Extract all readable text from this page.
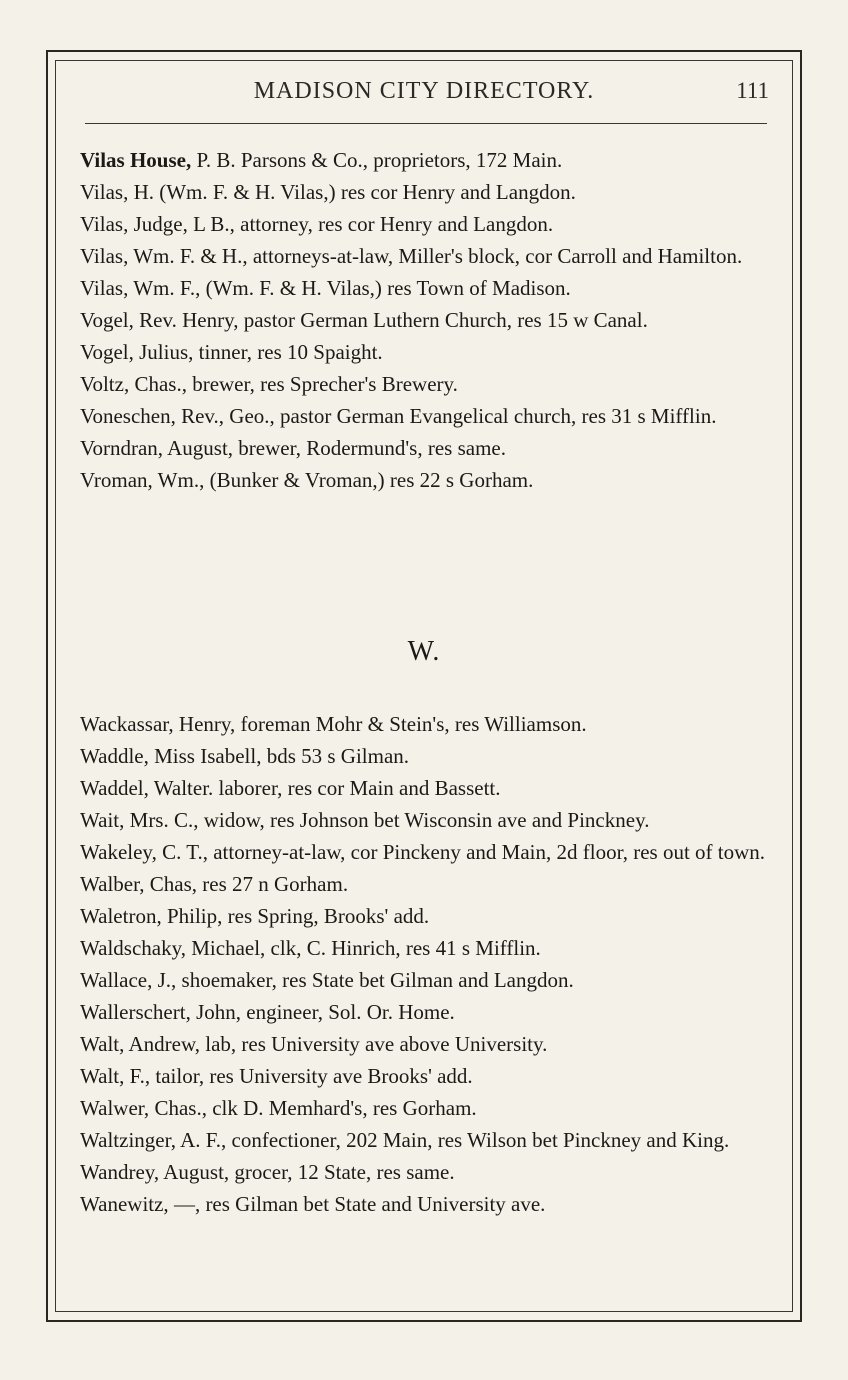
MADISON CITY DIRECTORY.	111

Vilas House, P. B. Parsons & Co., proprietors, 172 Main.

Vilas, H. (Wm. F. & H. Vilas,) res cor Henry and Langdon.

Vilas, Judge, L B., attorney, res cor Henry and Langdon.

Vilas, Wm. F. & H., attorneys-at-law, Miller's block, cor Carroll and Hamilton.

Vilas, Wm. F., (Wm. F. & H. Vilas,) res Town of Madison.

Vogel, Rev. Henry, pastor German Luthern Church, res 15 w Canal.

Vogel, Julius, tinner, res 10 Spaight.

Voltz, Chas., brewer, res Sprecher's Brewery.

Voneschen, Rev., Geo., pastor German Evangelical church, res 31 s Mifflin.

Vorndran, August, brewer, Rodermund's, res same.

Vroman, Wm., (Bunker & Vroman,) res 22 s Gorham.

W.

Wackassar, Henry, foreman Mohr & Stein's, res Williamson.

Waddle, Miss Isabell, bds 53 s Gilman.

Waddel, Walter. laborer, res cor Main and Bassett.

Wait, Mrs. C., widow, res Johnson bet Wisconsin ave and Pinckney.

Wakeley, C. T., attorney-at-law, cor Pinckeny and Main, 2d floor, res out of town.

Walber, Chas, res 27 n Gorham.

Waletron, Philip, res Spring, Brooks' add.

Waldschaky, Michael, clk, C. Hinrich, res 41 s Mifflin.

Wallace, J., shoemaker, res State bet Gilman and Langdon.

Wallerschert, John, engineer, Sol. Or. Home.

Walt, Andrew, lab, res University ave above University.

Walt, F., tailor, res University ave Brooks' add.

Walwer, Chas., clk D. Memhard's, res Gorham.

Waltzinger, A. F., confectioner, 202 Main, res Wilson bet Pinckney and King.

Wandrey, August, grocer, 12 State, res same.

Wanewitz, —, res Gilman bet State and University ave.
